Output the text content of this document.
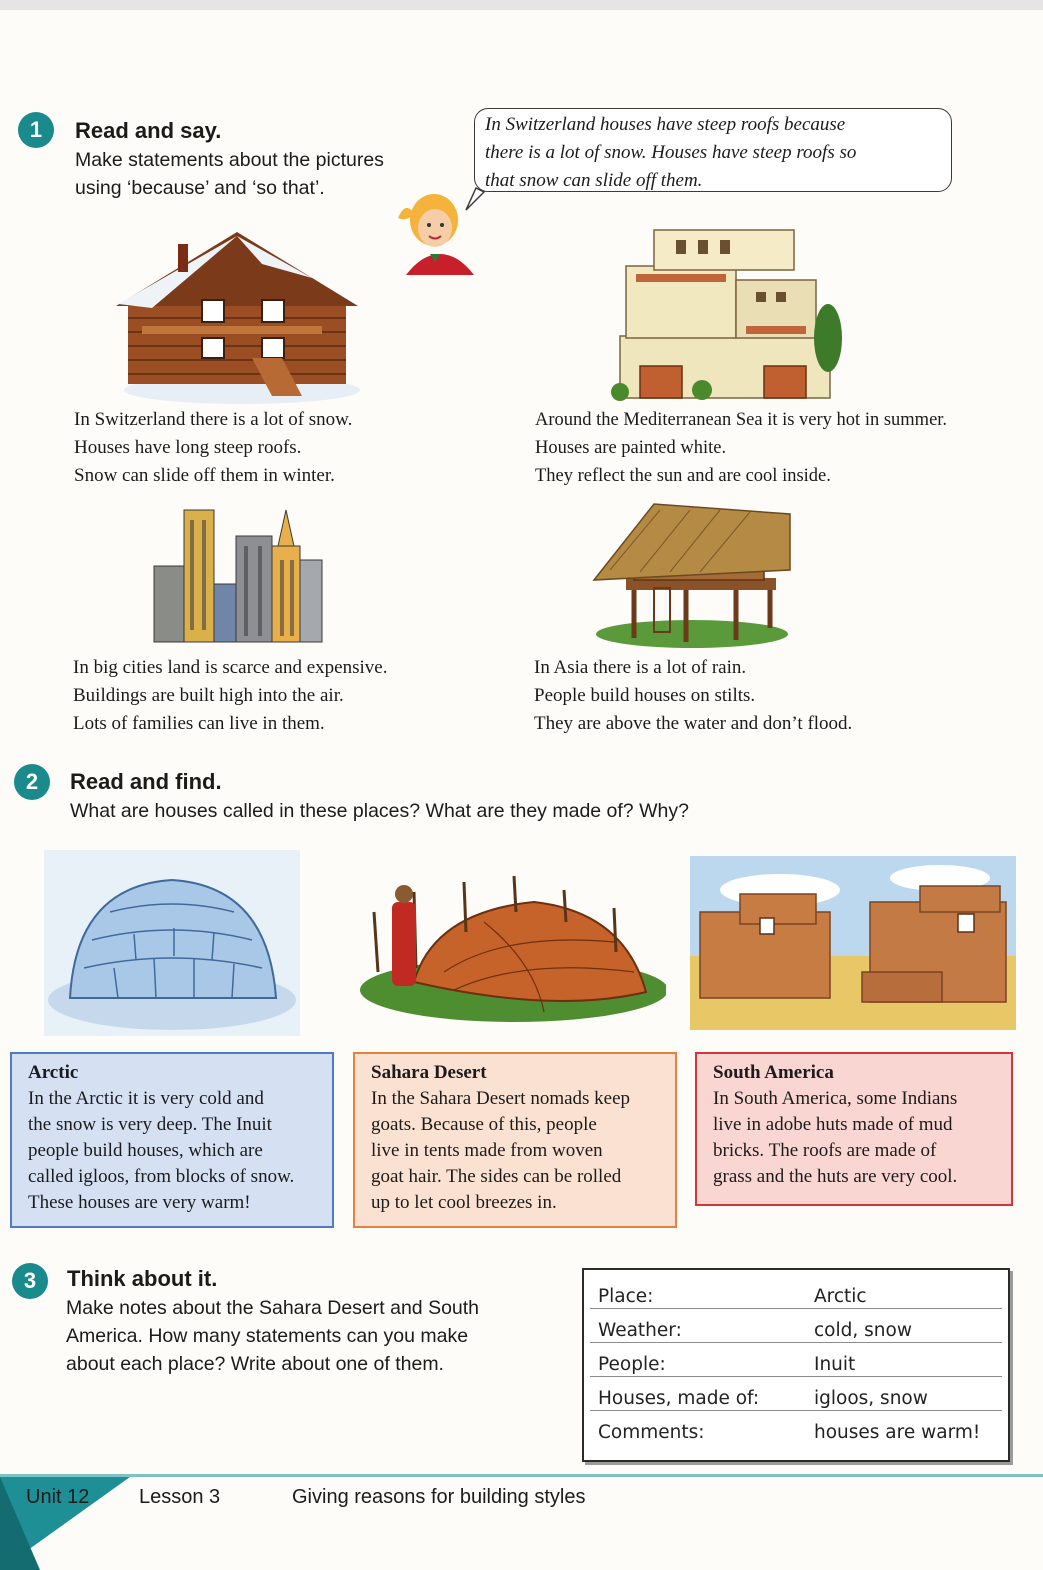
1	Read and say.
Make statements about the pictures
using ‘because’ and ‘so that’.
In Switzerland houses have steep roofs because
there is a lot of snow. Houses have steep roofs so
that snow can slide off them.
In Switzerland there is a lot of snow.
Houses have long steep roofs.
Snow can slide off them in winter.
Around the Mediterranean Sea it is very hot in summer.
Houses are painted white.
They reflect the sun and are cool inside.
In big cities land is scarce and expensive.
Buildings are built high into the air.
Lots of families can live in them.
In Asia there is a lot of rain.
People build houses on stilts.
They are above the water and don’t flood.
2	Read and find.
What are houses called in these places? What are they made of? Why?
Arctic
In the Arctic it is very cold and
the snow is very deep. The Inuit
people build houses, which are
called igloos, from blocks of snow.
These houses are very warm!
Sahara Desert
In the Sahara Desert nomads keep
goats. Because of this, people
live in tents made from woven
goat hair. The sides can be rolled
up to let cool breezes in.
South America
In South America, some Indians
live in adobe huts made of mud
bricks. The roofs are made of
grass and the huts are very cool.
3	Think about it.
Make notes about the Sahara Desert and South
America. How many statements can you make
about each place? Write about one of them.
Place:	Arctic
Weather:	cold, snow
People:	Inuit
Houses, made of:	igloos, snow
Comments:	houses are warm!
Unit 12 Lesson 3	Giving reasons for building styles
